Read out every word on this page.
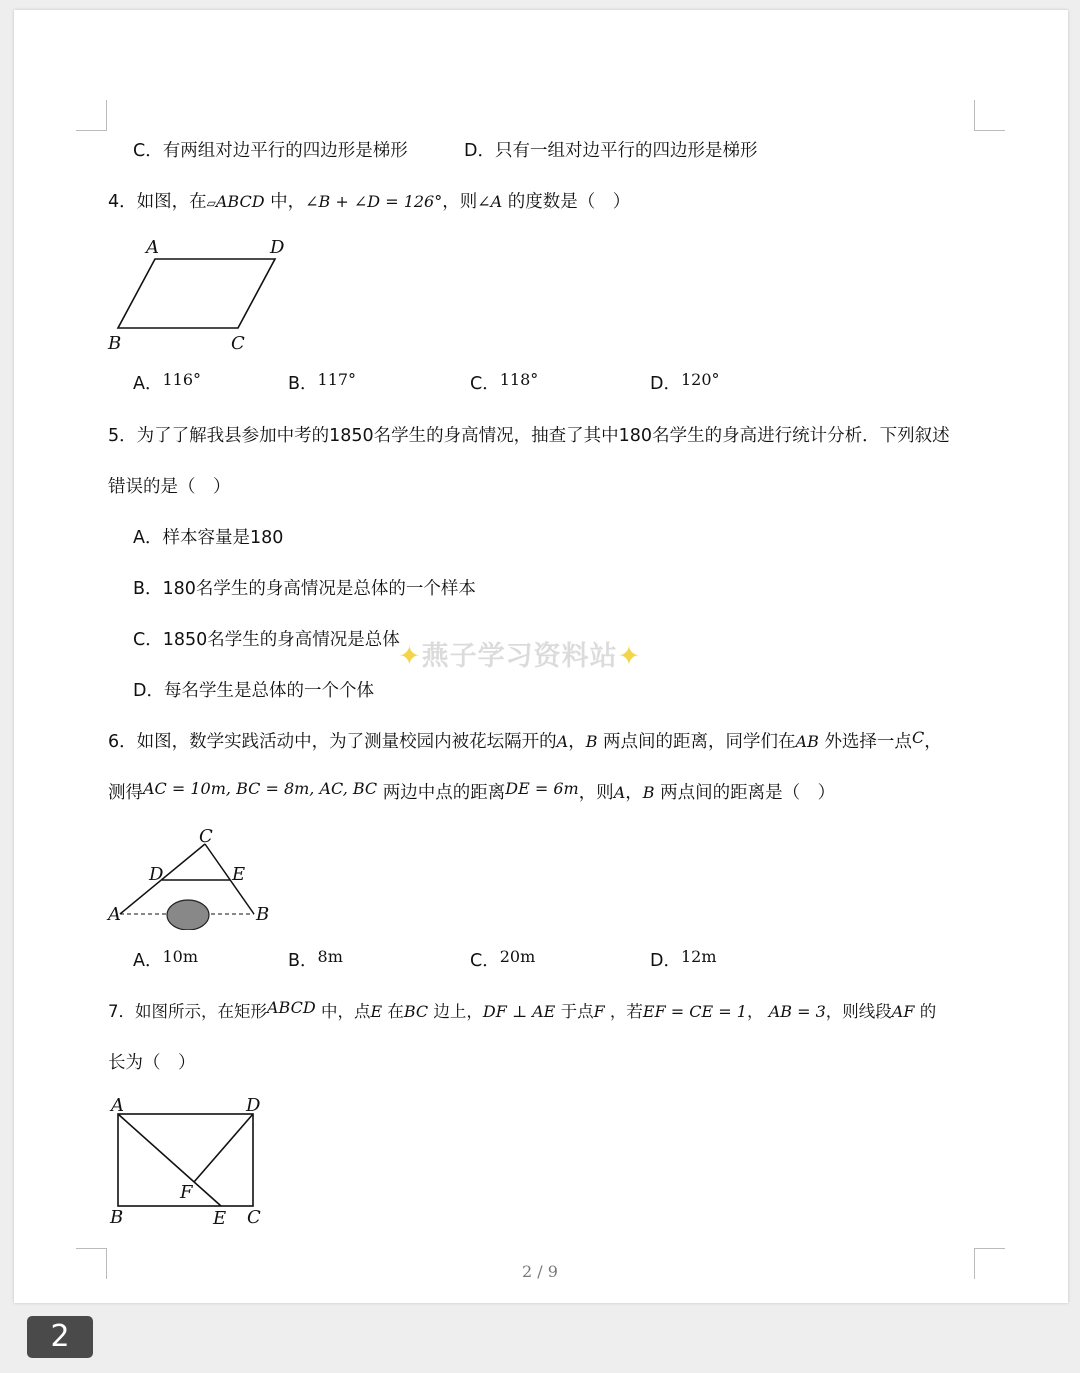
C．有两组对边平行的四边形是梯形	D．只有一组对边平行的四边形是梯形
4．如图，在▱ABCD 中，∠B + ∠D = 126°，则∠A 的度数是（　）
A	D
B	C
A．116°	B．117°	C．118°	D．120°
5．为了了解我县参加中考的1850名学生的身高情况，抽查了其中180名学生的身高进行统计分析．下列叙述
错误的是（　）
A．样本容量是180
B．180名学生的身高情况是总体的一个样本
C．1850名学生的身高情况是总体
D．每名学生是总体的一个个体
✦燕子学习资料站✦
6．如图，数学实践活动中，为了测量校园内被花坛隔开的A，B 两点间的距离，同学们在AB 外选择一点C，
测得AC = 10m, BC = 8m, AC, BC 两边中点的距离DE = 6m，则A，B 两点间的距离是（　）
C
D	E
A	B
A．10m	B．8m	C．20m	D．12m
7．如图所示，在矩形ABCD 中，点E 在BC 边上，DF ⊥ AE 于点F ，若EF = CE = 1， AB = 3，则线段AF 的
长为（　）
A	D
F
B	E C
2 / 9
2
